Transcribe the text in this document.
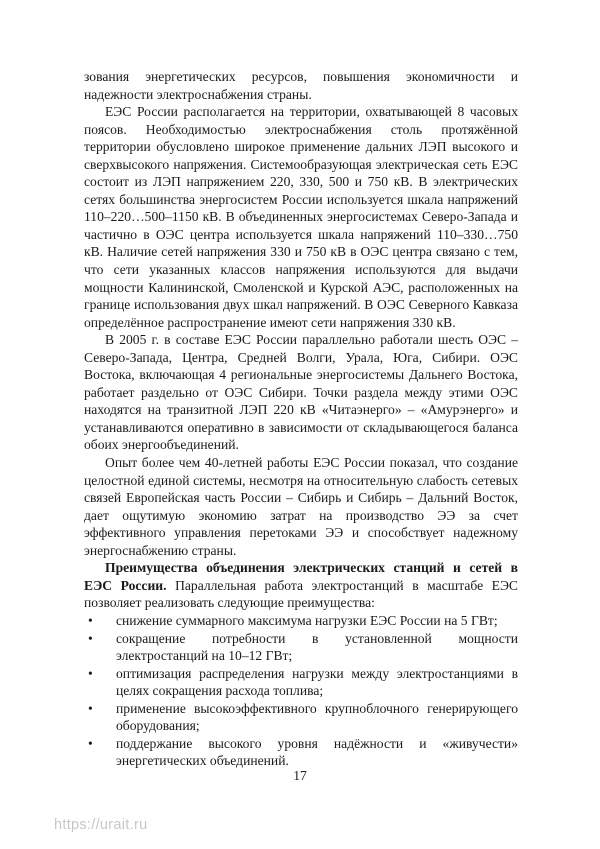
зования энергетических ресурсов, повышения экономичности и надежности электроснабжения страны.

ЕЭС России располагается на территории, охватывающей 8 часовых поясов. Необходимостью электроснабжения столь протяжённой территории обусловлено широкое применение дальних ЛЭП высокого и сверхвысокого напряжения. Системообразующая электрическая сеть ЕЭС состоит из ЛЭП напряжением 220, 330, 500 и 750 кВ. В электрических сетях большинства энергосистем России используется шкала напряжений 110–220…500–1150 кВ. В объединенных энергосистемах Северо-Запада и частично в ОЭС центра используется шкала напряжений 110–330…750 кВ. Наличие сетей напряжения 330 и 750 кВ в ОЭС центра связано с тем, что сети указанных классов напряжения используются для выдачи мощности Калининской, Смоленской и Курской АЭС, расположенных на границе использования двух шкал напряжений. В ОЭС Северного Кавказа определённое распространение имеют сети напряжения 330 кВ.

В 2005 г. в составе ЕЭС России параллельно работали шесть ОЭС – Северо-Запада, Центра, Средней Волги, Урала, Юга, Сибири. ОЭС Востока, включающая 4 региональные энергосистемы Дальнего Востока, работает раздельно от ОЭС Сибири. Точки раздела между этими ОЭС находятся на транзитной ЛЭП 220 кВ «Читаэнерго» – «Амурэнерго» и устанавливаются оперативно в зависимости от складывающегося баланса обоих энергообъединений.

Опыт более чем 40-летней работы ЕЭС России показал, что создание целостной единой системы, несмотря на относительную слабость сетевых связей Европейская часть России – Сибирь и Сибирь – Дальний Восток, дает ощутимую экономию затрат на производство ЭЭ за счет эффективного управления перетоками ЭЭ и способствует надежному энергоснабжению страны.

Преимущества объединения электрических станций и сетей в ЕЭС России. Параллельная работа электростанций в масштабе ЕЭС позволяет реализовать следующие преимущества:

• снижение суммарного максимума нагрузки ЕЭС России на 5 ГВт;
• сокращение потребности в установленной мощности электростанций на 10–12 ГВт;
• оптимизация распределения нагрузки между электростанциями в целях сокращения расхода топлива;
• применение высокоэффективного крупноблочного генерирующего оборудования;
• поддержание высокого уровня надёжности и «живучести» энергетических объединений.
17
https://urait.ru
